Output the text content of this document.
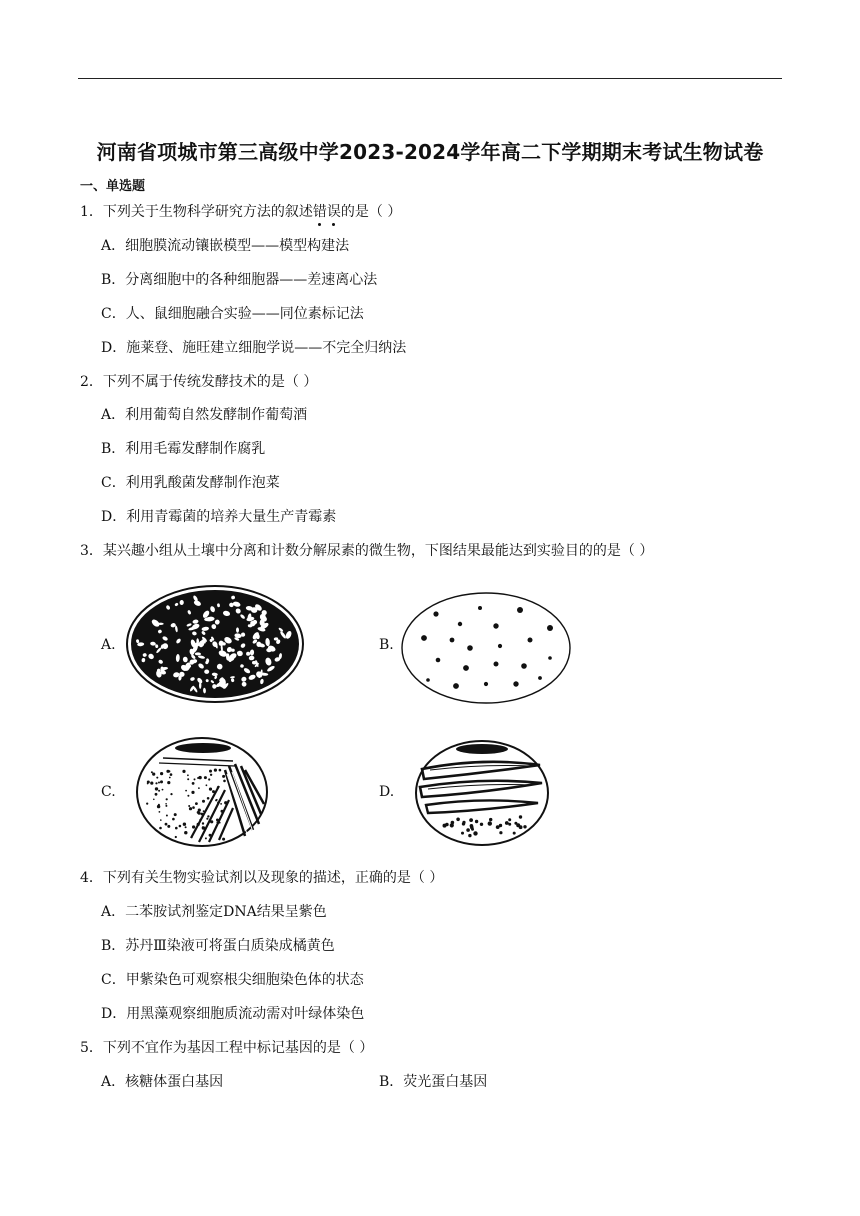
河南省项城市第三高级中学2023-2024学年高二下学期期末考试生物试卷
一、单选题
1．下列关于生物科学研究方法的叙述错误
的是（ ）
A．细胞膜流动镶嵌模型——模型构建法
B．分离细胞中的各种细胞器——差速离心法
C．人、鼠细胞融合实验——同位素标记法
D．施莱登、施旺建立细胞学说——不完全归纳法
2．下列不属于传统发酵技术的是（ ）
A．利用葡萄自然发酵制作葡萄酒
B．利用毛霉发酵制作腐乳
C．利用乳酸菌发酵制作泡菜
D．利用青霉菌的培养大量生产青霉素
3．某兴趣小组从土壤中分离和计数分解尿素的微生物，下图结果最能达到实验目的的是（ ）
A.	B.
C.	D.
4．下列有关生物实验试剂以及现象的描述，正确的是（ ）
A．二苯胺试剂鉴定DNA结果呈紫色
B．苏丹Ⅲ染液可将蛋白质染成橘黄色
C．甲紫染色可观察根尖细胞染色体的状态
D．用黑藻观察细胞质流动需对叶绿体染色
5．下列不宜作为基因工程中标记基因的是（ ）
A．核糖体蛋白基因	B．荧光蛋白基因
